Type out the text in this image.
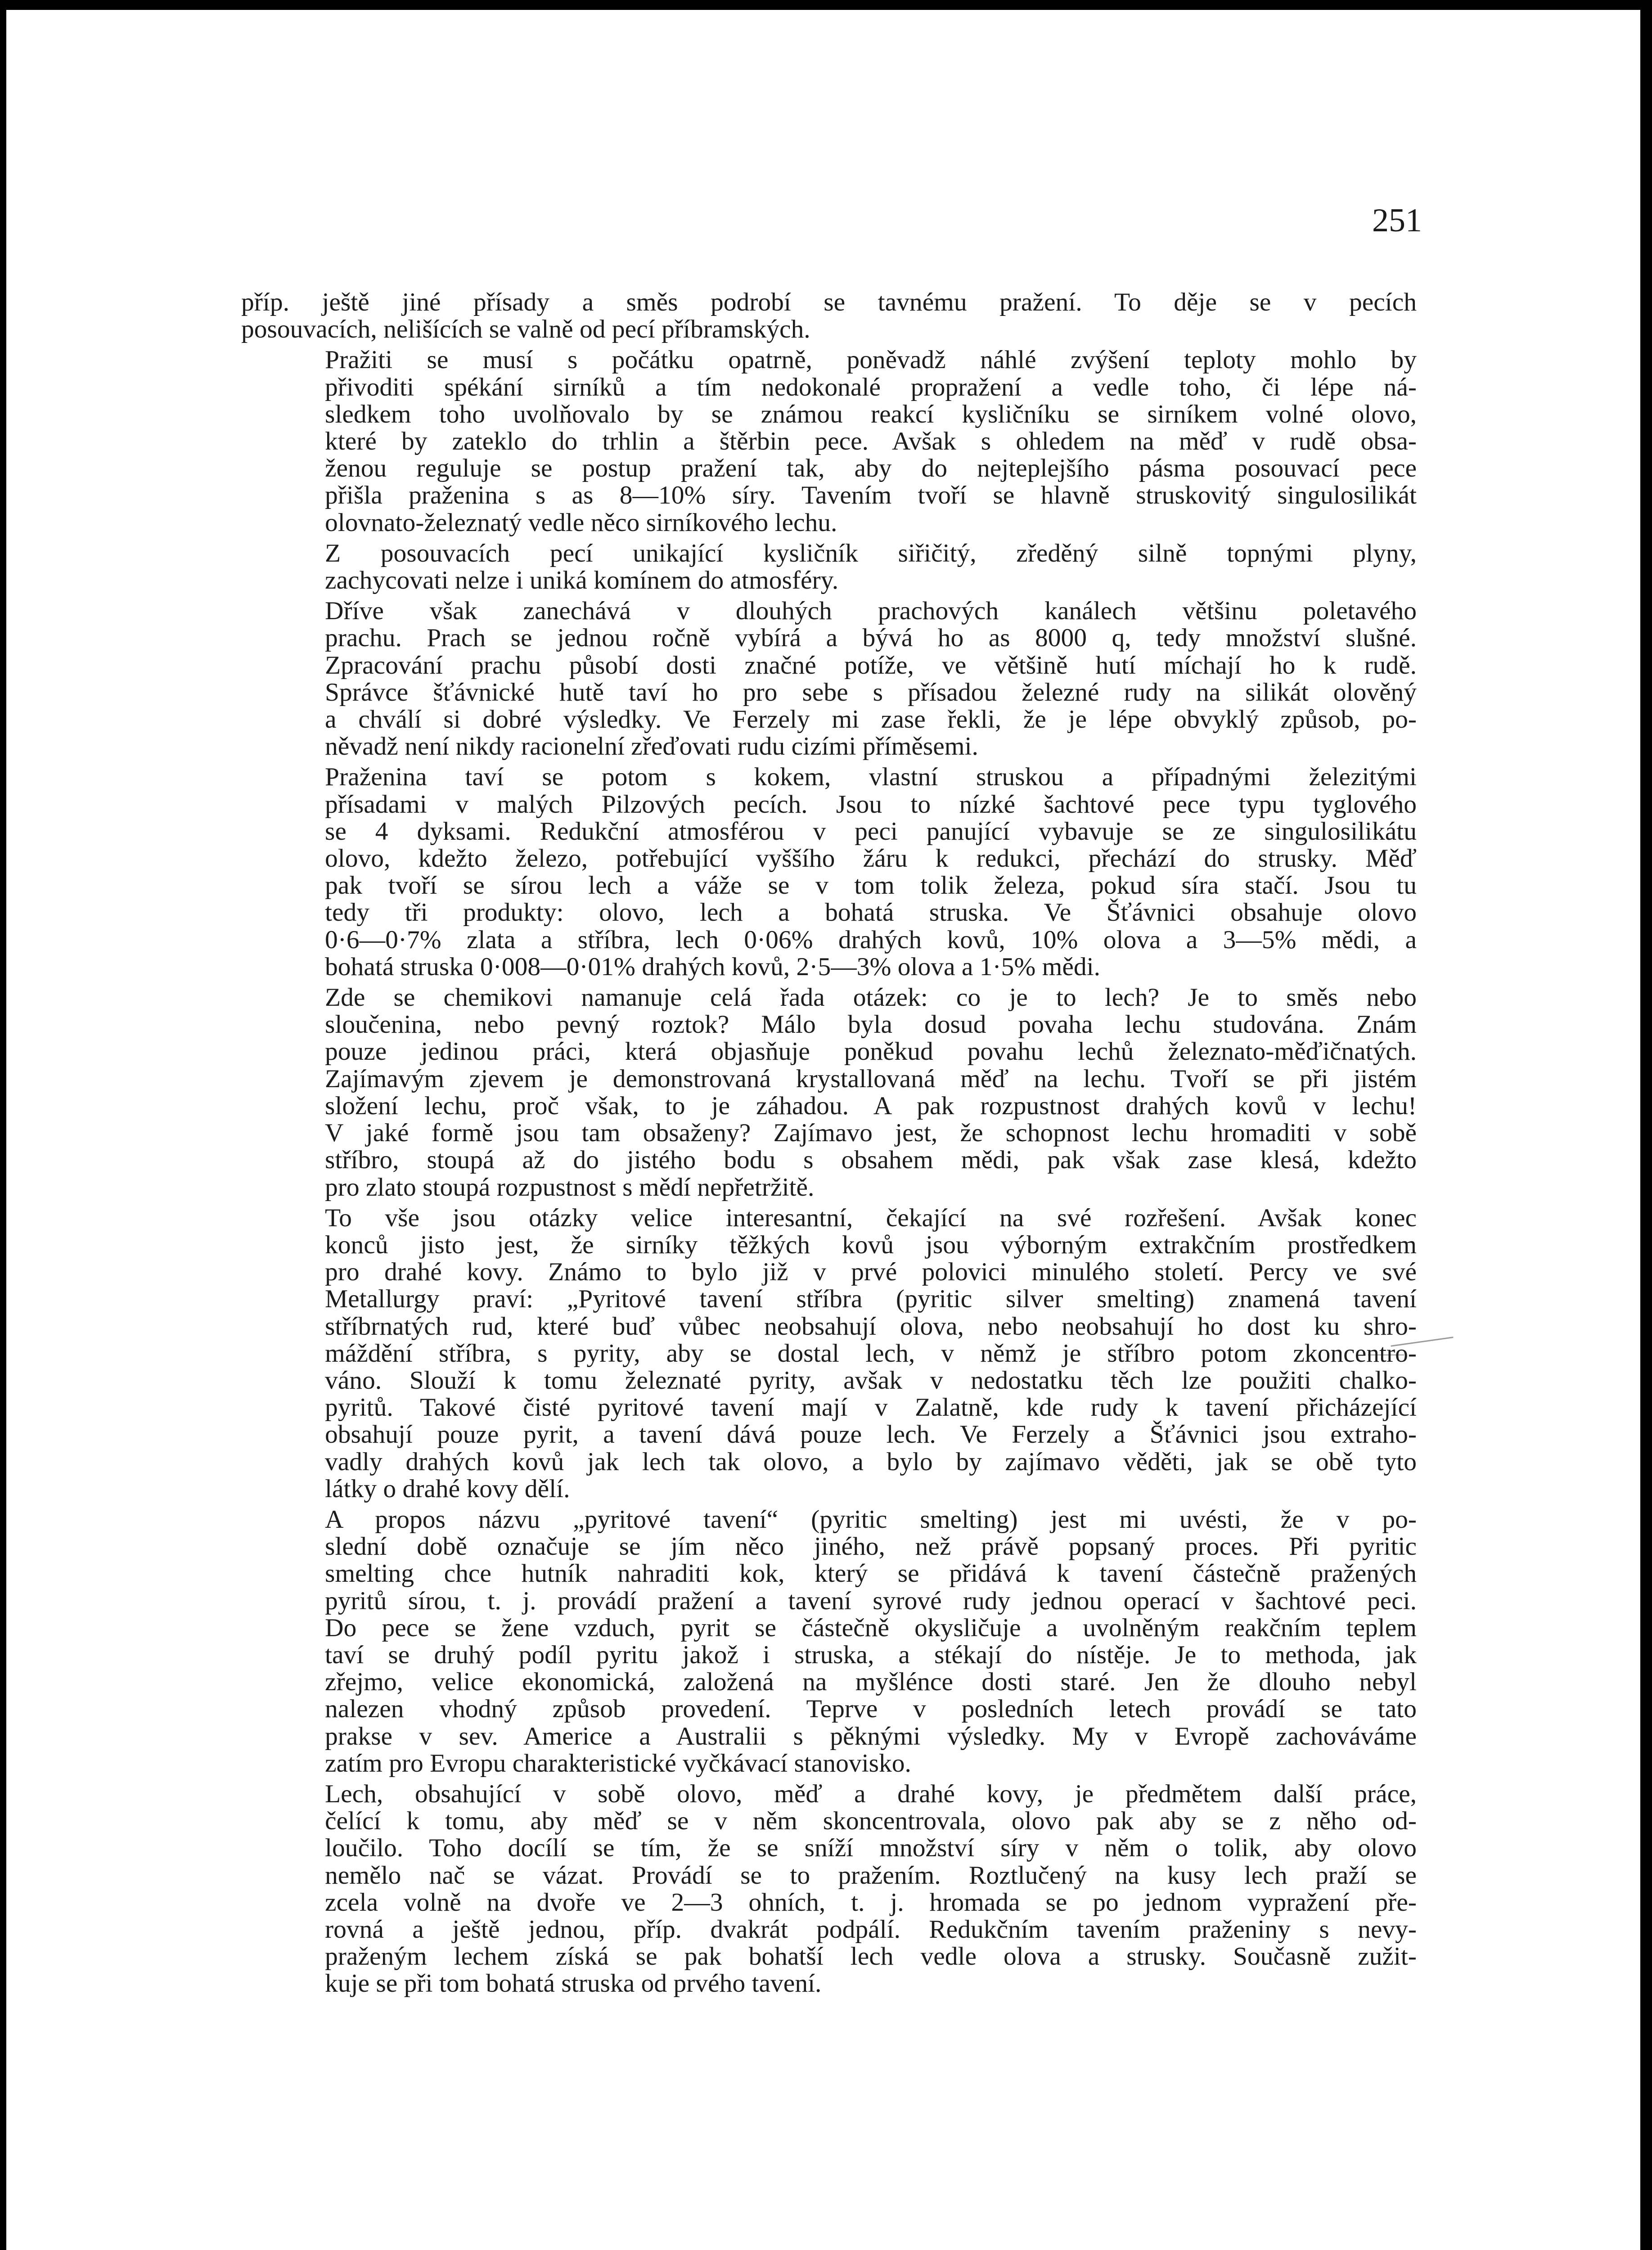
251

příp. ještě jiné přísady a směs podrobí se tavnému pražení. To děje se v pecích
posouvacích, nelišících se valně od pecí příbramských.

Pražiti se musí s počátku opatrně, poněvadž náhlé zvýšení teploty mohlo by
přivoditi spékání sirníků a tím nedokonalé propražení a vedle toho, či lépe ná-
sledkem toho uvolňovalo by se známou reakcí kysličníku se sirníkem volné olovo,
které by zateklo do trhlin a štěrbin pece. Avšak s ohledem na měď v rudě obsa-
ženou reguluje se postup pražení tak, aby do nejteplejšího pásma posouvací pece
přišla praženina s as 8—10% síry. Tavením tvoří se hlavně struskovitý singulosilikát
olovnato-železnatý vedle něco sirníkového lechu.

Z posouvacích pecí unikající kysličník siřičitý, zředěný silně topnými plyny,
zachycovati nelze i uniká komínem do atmosféry.

Dříve však zanechává v dlouhých prachových kanálech většinu poletavého
prachu. Prach se jednou ročně vybírá a bývá ho as 8000 q, tedy množství slušné.
Zpracování prachu působí dosti značné potíže, ve většině hutí míchají ho k rudě.
Správce šťávnické hutě taví ho pro sebe s přísadou železné rudy na silikát olověný
a chválí si dobré výsledky. Ve Ferzely mi zase řekli, že je lépe obvyklý způsob, po-
něvadž není nikdy racionelní zřeďovati rudu cizími příměsemi.

Praženina taví se potom s kokem, vlastní struskou a případnými železitými
přísadami v malých Pilzových pecích. Jsou to nízké šachtové pece typu tyglového
se 4 dyksami. Redukční atmosférou v peci panující vybavuje se ze singulosilikátu
olovo, kdežto železo, potřebující vyššího žáru k redukci, přechází do strusky. Měď
pak tvoří se sírou lech a váže se v tom tolik železa, pokud síra stačí. Jsou tu
tedy tři produkty: olovo, lech a bohatá struska. Ve Šťávnici obsahuje olovo
0·6—0·7% zlata a stříbra, lech 0·06% drahých kovů, 10% olova a 3—5% mědi, a
bohatá struska 0·008—0·01% drahých kovů, 2·5—3% olova a 1·5% mědi.

Zde se chemikovi namanuje celá řada otázek: co je to lech? Je to směs nebo
sloučenina, nebo pevný roztok? Málo byla dosud povaha lechu studována. Znám
pouze jedinou práci, která objasňuje poněkud povahu lechů železnato-měďičnatých.
Zajímavým zjevem je demonstrovaná krystallovaná měď na lechu. Tvoří se při jistém
složení lechu, proč však, to je záhadou. A pak rozpustnost drahých kovů v lechu!
V jaké formě jsou tam obsaženy? Zajímavo jest, že schopnost lechu hromaditi v sobě
stříbro, stoupá až do jistého bodu s obsahem mědi, pak však zase klesá, kdežto
pro zlato stoupá rozpustnost s mědí nepřetržitě.

To vše jsou otázky velice interesantní, čekající na své rozřešení. Avšak konec
konců jisto jest, že sirníky těžkých kovů jsou výborným extrakčním prostředkem
pro drahé kovy. Známo to bylo již v prvé polovici minulého století. Percy ve své
Metallurgy praví: „Pyritové tavení stříbra (pyritic silver smelting) znamená tavení
stříbrnatých rud, které buď vůbec neobsahují olova, nebo neobsahují ho dost ku shro-
máždění stříbra, s pyrity, aby se dostal lech, v němž je stříbro potom zkoncentro-
váno. Slouží k tomu železnaté pyrity, avšak v nedostatku těch lze použiti chalko-
pyritů. Takové čisté pyritové tavení mají v Zalatně, kde rudy k tavení přicházející
obsahují pouze pyrit, a tavení dává pouze lech. Ve Ferzely a Šťávnici jsou extraho-
vadly drahých kovů jak lech tak olovo, a bylo by zajímavo věděti, jak se obě tyto
látky o drahé kovy dělí.

A propos názvu „pyritové tavení“ (pyritic smelting) jest mi uvésti, že v po-
slední době označuje se jím něco jiného, než právě popsaný proces. Při pyritic
smelting chce hutník nahraditi kok, který se přidává k tavení částečně pražených
pyritů sírou, t. j. provádí pražení a tavení syrové rudy jednou operací v šachtové peci.
Do pece se žene vzduch, pyrit se částečně okysličuje a uvolněným reakčním teplem
taví se druhý podíl pyritu jakož i struska, a stékají do nístěje. Je to methoda, jak
zřejmo, velice ekonomická, založená na myšlénce dosti staré. Jen že dlouho nebyl
nalezen vhodný způsob provedení. Teprve v posledních letech provádí se tato
prakse v sev. Americe a Australii s pěknými výsledky. My v Evropě zachováváme
zatím pro Evropu charakteristické vyčkávací stanovisko.

Lech, obsahující v sobě olovo, měď a drahé kovy, je předmětem další práce,
čelící k tomu, aby měď se v něm skoncentrovala, olovo pak aby se z něho od-
loučilo. Toho docílí se tím, že se sníží množství síry v něm o tolik, aby olovo
nemělo nač se vázat. Provádí se to pražením. Roztlučený na kusy lech praží se
zcela volně na dvoře ve 2—3 ohních, t. j. hromada se po jednom vypražení pře-
rovná a ještě jednou, příp. dvakrát podpálí. Redukčním tavením praženiny s nevy-
praženým lechem získá se pak bohatší lech vedle olova a strusky. Současně zužit-
kuje se při tom bohatá struska od prvého tavení.
